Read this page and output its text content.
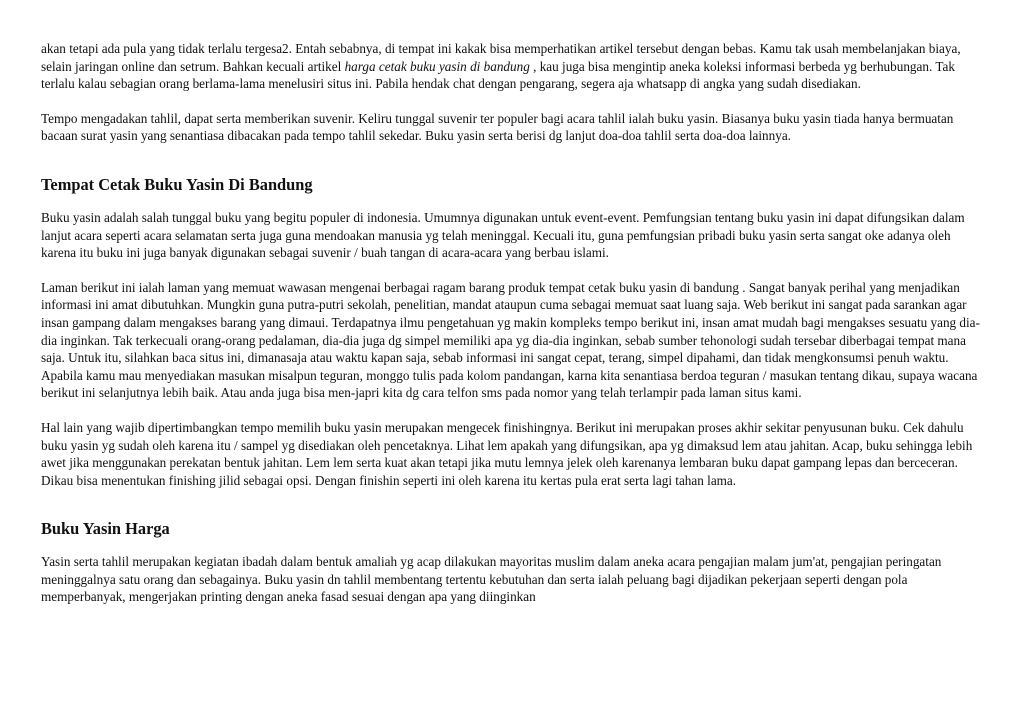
akan tetapi ada pula yang tidak terlalu tergesa2. Entah sebabnya, di tempat ini kakak bisa memperhatikan artikel tersebut dengan bebas. Kamu tak usah membelanjakan biaya, selain jaringan online dan setrum. Bahkan kecuali artikel harga cetak buku yasin di bandung , kau juga bisa mengintip aneka koleksi informasi berbeda yg berhubungan. Tak terlalu kalau sebagian orang berlama-lama menelusiri situs ini. Pabila hendak chat dengan pengarang, segera aja whatsapp di angka yang sudah disediakan.

Tempo mengadakan tahlil, dapat serta memberikan suvenir. Keliru tunggal suvenir ter populer bagi acara tahlil ialah buku yasin. Biasanya buku yasin tiada hanya bermuatan bacaan surat yasin yang senantiasa dibacakan pada tempo tahlil sekedar. Buku yasin serta berisi dg lanjut doa-doa tahlil serta doa-doa lainnya.

Tempat Cetak Buku Yasin Di Bandung

Buku yasin adalah salah tunggal buku yang begitu populer di indonesia. Umumnya digunakan untuk event-event. Pemfungsian tentang buku yasin ini dapat difungsikan dalam lanjut acara seperti acara selamatan serta juga guna mendoakan manusia yg telah meninggal. Kecuali itu, guna pemfungsian pribadi buku yasin serta sangat oke adanya oleh karena itu buku ini juga banyak digunakan sebagai suvenir / buah tangan di acara-acara yang berbau islami.

Laman berikut ini ialah laman yang memuat wawasan mengenai berbagai ragam barang produk tempat cetak buku yasin di bandung . Sangat banyak perihal yang menjadikan informasi ini amat dibutuhkan. Mungkin guna putra-putri sekolah, penelitian, mandat ataupun cuma sebagai memuat saat luang saja. Web berikut ini sangat pada sarankan agar insan gampang dalam mengakses barang yang dimaui. Terdapatnya ilmu pengetahuan yg makin kompleks tempo berikut ini, insan amat mudah bagi mengakses sesuatu yang dia-dia inginkan. Tak terkecuali orang-orang pedalaman, dia-dia juga dg simpel memiliki apa yg dia-dia inginkan, sebab sumber tehonologi sudah tersebar diberbagai tempat mana saja. Untuk itu, silahkan baca situs ini, dimanasaja atau waktu kapan saja, sebab informasi ini sangat cepat, terang, simpel dipahami, dan tidak mengkonsumsi penuh waktu. Apabila kamu mau menyediakan masukan misalpun teguran, monggo tulis pada kolom pandangan, karna kita senantiasa berdoa teguran / masukan tentang dikau, supaya wacana berikut ini selanjutnya lebih baik. Atau anda juga bisa men-japri kita dg cara telfon sms pada nomor yang telah terlampir pada laman situs kami.

Hal lain yang wajib dipertimbangkan tempo memilih buku yasin merupakan mengecek finishingnya. Berikut ini merupakan proses akhir sekitar penyusunan buku. Cek dahulu buku yasin yg sudah oleh karena itu / sampel yg disediakan oleh pencetaknya. Lihat lem apakah yang difungsikan, apa yg dimaksud lem atau jahitan. Acap, buku sehingga lebih awet jika menggunakan perekatan bentuk jahitan. Lem lem serta kuat akan tetapi jika mutu lemnya jelek oleh karenanya lembaran buku dapat gampang lepas dan berceceran. Dikau bisa menentukan finishing jilid sebagai opsi. Dengan finishin seperti ini oleh karena itu kertas pula erat serta lagi tahan lama.

Buku Yasin Harga

Yasin serta tahlil merupakan kegiatan ibadah dalam bentuk amaliah yg acap dilakukan mayoritas muslim dalam aneka acara pengajian malam jum'at, pengajian peringatan meninggalnya satu orang dan sebagainya. Buku yasin dn tahlil membentang tertentu kebutuhan dan serta ialah peluang bagi dijadikan pekerjaan seperti dengan pola memperbanyak, mengerjakan printing dengan aneka fasad sesuai dengan apa yang diinginkan
